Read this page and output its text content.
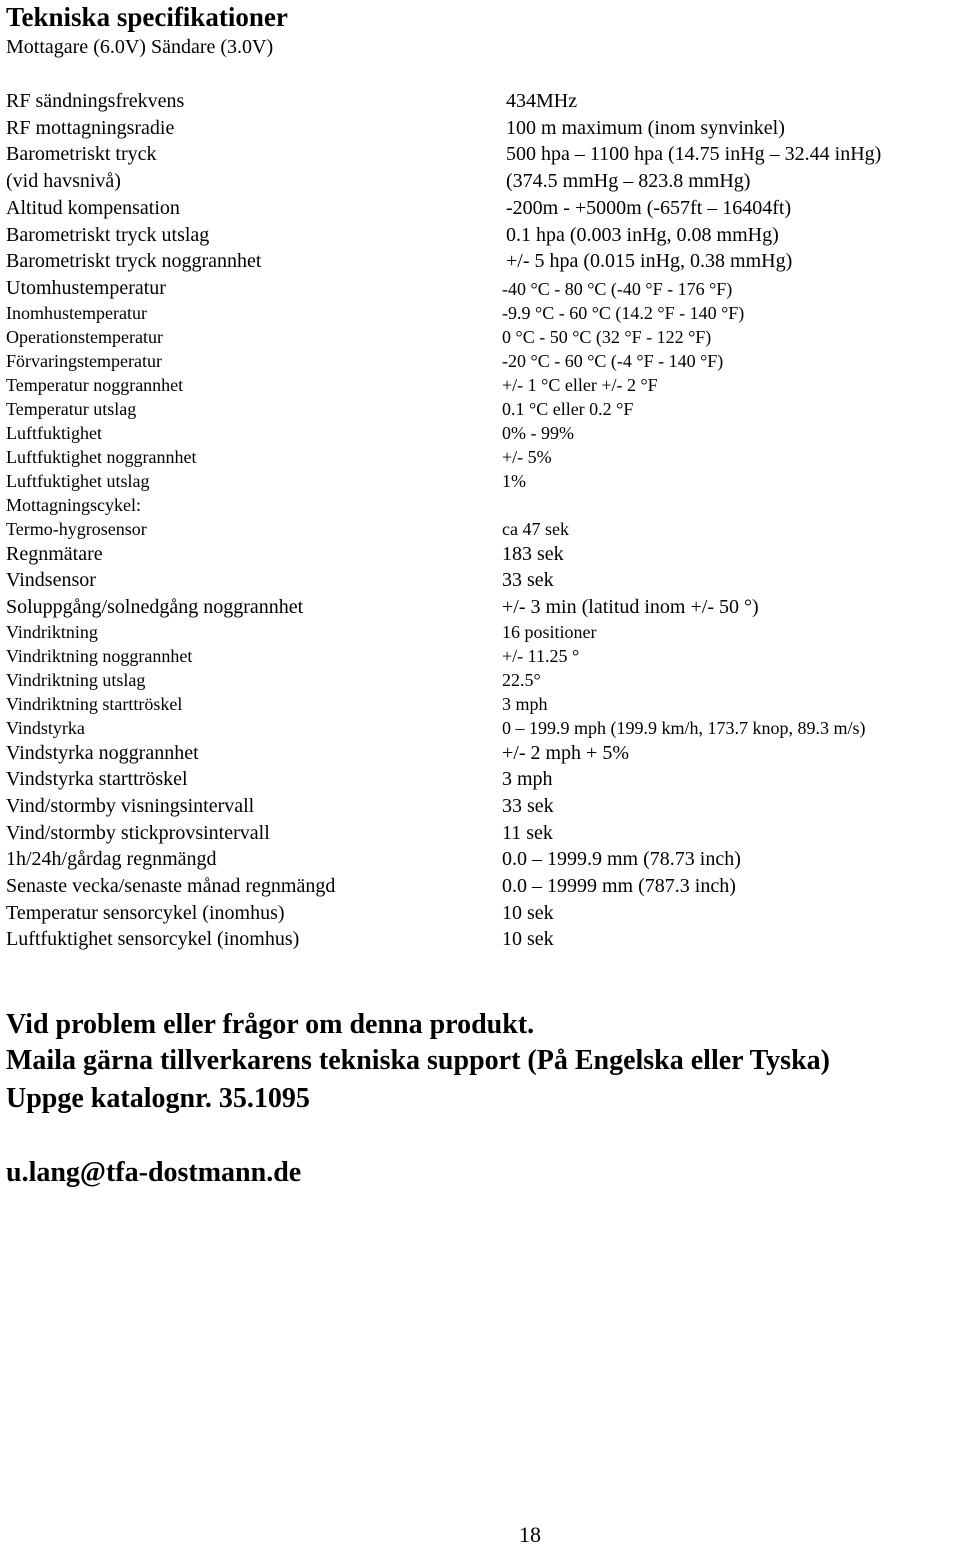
Tekniska specifikationer
Mottagare (6.0V) Sändare (3.0V)
RF sändningsfrekvens	434MHz
RF mottagningsradie	100 m maximum (inom synvinkel)
Barometriskt tryck	500 hpa – 1100 hpa (14.75 inHg – 32.44 inHg)
(vid havsnivå)	(374.5 mmHg – 823.8 mmHg)
Altitud kompensation	-200m - +5000m (-657ft – 16404ft)
Barometriskt tryck utslag	0.1 hpa (0.003 inHg, 0.08 mmHg)
Barometriskt tryck noggrannhet	+/- 5 hpa (0.015 inHg, 0.38 mmHg)
Utomhustemperatur	-40 °C - 80 °C (-40 °F - 176 °F)
Inomhustemperatur	-9.9 °C - 60 °C (14.2 °F - 140 °F)
Operationstemperatur	0 °C - 50 °C (32 °F - 122 °F)
Förvaringstemperatur	-20 °C - 60 °C (-4 °F - 140 °F)
Temperatur noggrannhet	+/- 1 °C eller +/- 2 °F
Temperatur utslag	0.1 °C eller 0.2 °F
Luftfuktighet	0% - 99%
Luftfuktighet noggrannhet	+/- 5%
Luftfuktighet utslag	1%
Mottagningscykel:
Termo-hygrosensor	ca 47 sek
Regnmätare	183 sek
Vindsensor	33 sek
Soluppgång/solnedgång noggrannhet	+/- 3 min (latitud inom +/- 50 °)
Vindriktning	16 positioner
Vindriktning noggrannhet	+/- 11.25 °
Vindriktning utslag	22.5°
Vindriktning starttröskel	3 mph
Vindstyrka	0 – 199.9 mph (199.9 km/h, 173.7 knop, 89.3 m/s)
Vindstyrka noggrannhet	+/- 2 mph + 5%
Vindstyrka starttröskel	3 mph
Vind/stormby visningsintervall	33 sek
Vind/stormby stickprovsintervall	11 sek
1h/24h/gårdag regnmängd	0.0 – 1999.9 mm (78.73 inch)
Senaste vecka/senaste månad regnmängd	0.0 – 19999 mm (787.3 inch)
Temperatur sensorcykel (inomhus)	10 sek
Luftfuktighet sensorcykel (inomhus)	10 sek
Vid problem eller frågor om denna produkt.
Maila gärna tillverkarens tekniska support (På Engelska eller Tyska)
Uppge katalognr. 35.1095
u.lang@tfa-dostmann.de
18
